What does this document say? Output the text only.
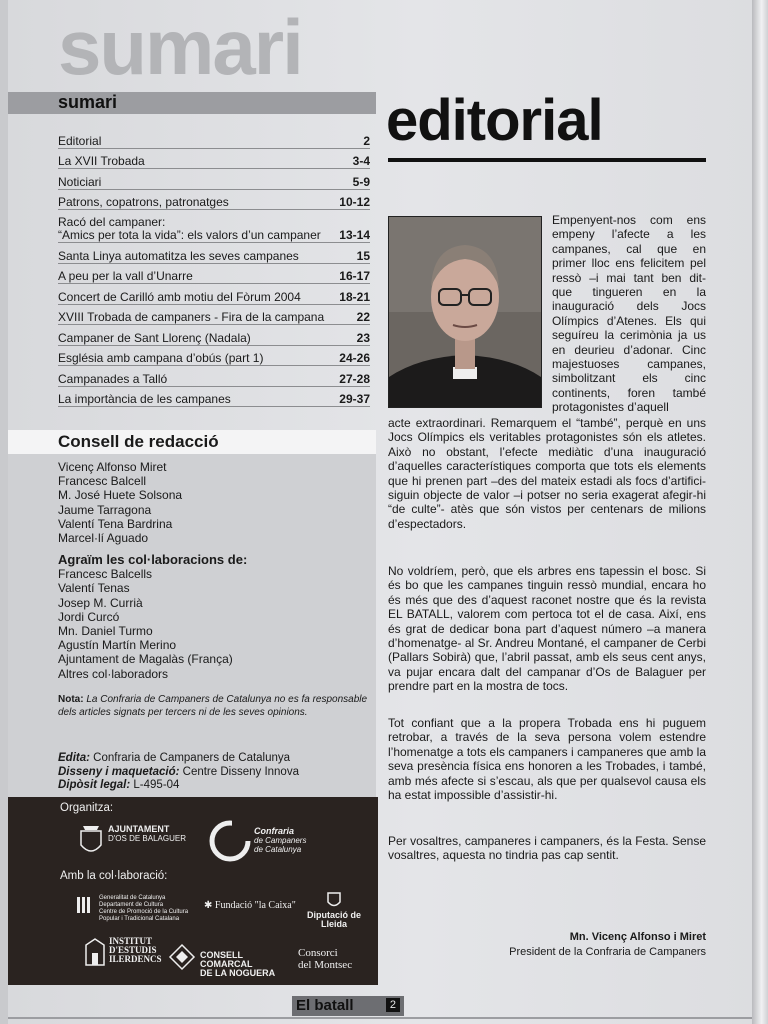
sumari
sumari
Editorial	2
La XVII Trobada	3-4
Noticiari	5-9
Patrons, copatrons, patronatges	10-12
Racó del campaner:
“Amics per tota la vida”: els valors d’un campaner 13-14
Santa Linya automatitza les seves campanes	15
A peu per la vall d’Unarre	16-17
Concert de Carilló amb motiu del Fòrum 2004	18-21
XVIII Trobada de campaners - Fira de la campana	22
Campaner de Sant Llorenç (Nadala)	23
Església amb campana d’obús (part 1)	24-26
Campanades a Talló	27-28
La importància de les campanes	29-37
Consell de redacció
Vicenç Alfonso Miret
Francesc Balcell
M. José Huete Solsona
Jaume Tarragona
Valentí Tena Bardrina
Marcel·lí Aguado
Agraïm les col·laboracions de:
Francesc Balcells
Valentí Tenas
Josep M. Currià
Jordi Curcó
Mn. Daniel Turmo
Agustín Martín Merino
Ajuntament de Magalàs (França)
Altres col·laboradors
Nota: La Confraria de Campaners de Catalunya no es fa responsable dels articles signats per tercers ni de les seves opinions.
Edita: Confraria de Campaners de Catalunya
Disseny i maquetació: Centre Disseny Innova
Dipòsit legal: L-495-04
Organitza:
AJUNTAMENT
D'OS DE BALAGUER
Confraria
de Campaners
de Catalunya
Amb la col·laboració:
Generalitat de Catalunya
Departament de Cultura
Centre de Promoció de la Cultura
Popular i Tradicional Catalana
✱ Fundació "la Caixa"

Diputació de Lleida
INSTITUT
D'ESTUDIS
ILERDENCS	CONSELL COMARCAL
DE LA NOGUERA
Consorci
del Montsec
editorial
Empenyent-nos com ens empeny l’afecte a les campanes, cal que en primer lloc ens felicitem pel ressò –i mai tant ben dit- que tingueren en la inauguració dels Jocs Olímpics d’Atenes. Els qui seguíreu la cerimònia ja us en deurieu d’adonar. Cinc majestuoses campanes, simbolitzant els cinc continents, foren també protagonistes d’aquell
acte extraordinari. Remarquem el “també”, perquè en uns Jocs Olímpics els veritables protagonistes són els atletes. Això no obstant, l’efecte mediàtic d’una inauguració d’aquelles característiques comporta que tots els elements que hi prenen part –des del mateix estadi als focs d’artifici- siguin objecte de valor –i potser no seria exagerat afegir-hi “de culte”- atès que són vistos per centenars de milions d’espectadors.
No voldríem, però, que els arbres ens tapessin el bosc. Si és bo que les campanes tinguin ressò mundial, encara ho és més que des d’aquest raconet nostre que és la revista EL BATALL, valorem com pertoca tot el de casa. Així, ens és grat de dedicar bona part d’aquest número –a manera d’homenatge- al Sr. Andreu Montané, el campaner de Cerbi (Pallars Sobirà) que, l’abril passat, amb els seus cent anys, va pujar encara dalt del campanar d’Os de Balaguer per prendre part en la mostra de tocs.
Tot confiant que a la propera Trobada ens hi puguem retrobar, a través de la seva persona volem estendre l’homenatge a tots els campaners i campaneres que amb la seva presència física ens honoren a les Trobades, i també, amb més afecte si s’escau, als que per qualsevol causa els ha estat impossible d’assistir-hi.
Per vosaltres, campaneres i campaners, és la Festa. Sense vosaltres, aquesta no tindria pas cap sentit.
Mn. Vicenç Alfonso i Miret
President de la Confraria de Campaners
El batall	2
